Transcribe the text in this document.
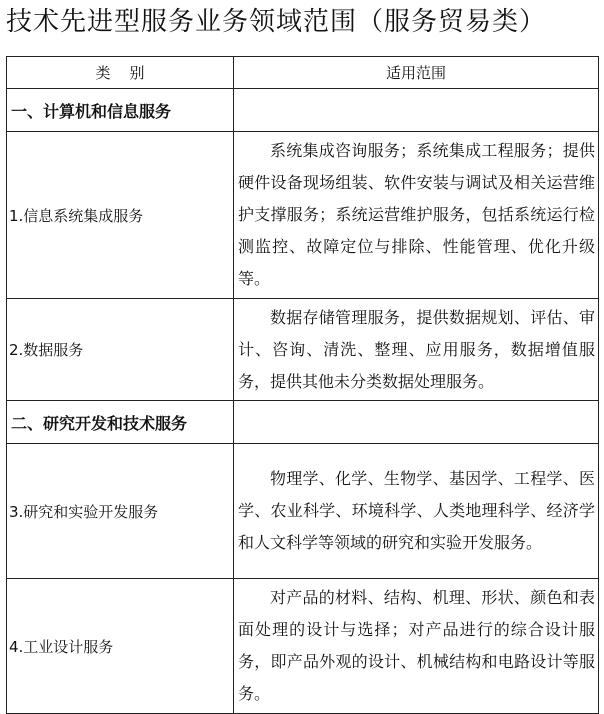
技术先进型服务业务领域范围（服务贸易类）
类    别	适用范围
一、计算机和信息服务	
1.信息系统集成服务	系统集成咨询服务；系统集成工程服务；提供硬件设备现场组装、软件安装与调试及相关运营维护支撑服务；系统运营维护服务，包括系统运行检测监控、故障定位与排除、性能管理、优化升级等。
2.数据服务	数据存储管理服务，提供数据规划、评估、审计、咨询、清洗、整理、应用服务，数据增值服务，提供其他未分类数据处理服务。
二、研究开发和技术服务	
3.研究和实验开发服务	物理学、化学、生物学、基因学、工程学、医学、农业科学、环境科学、人类地理科学、经济学和人文科学等领域的研究和实验开发服务。
4.工业设计服务	对产品的材料、结构、机理、形状、颜色和表面处理的设计与选择；对产品进行的综合设计服务，即产品外观的设计、机械结构和电路设计等服务。
